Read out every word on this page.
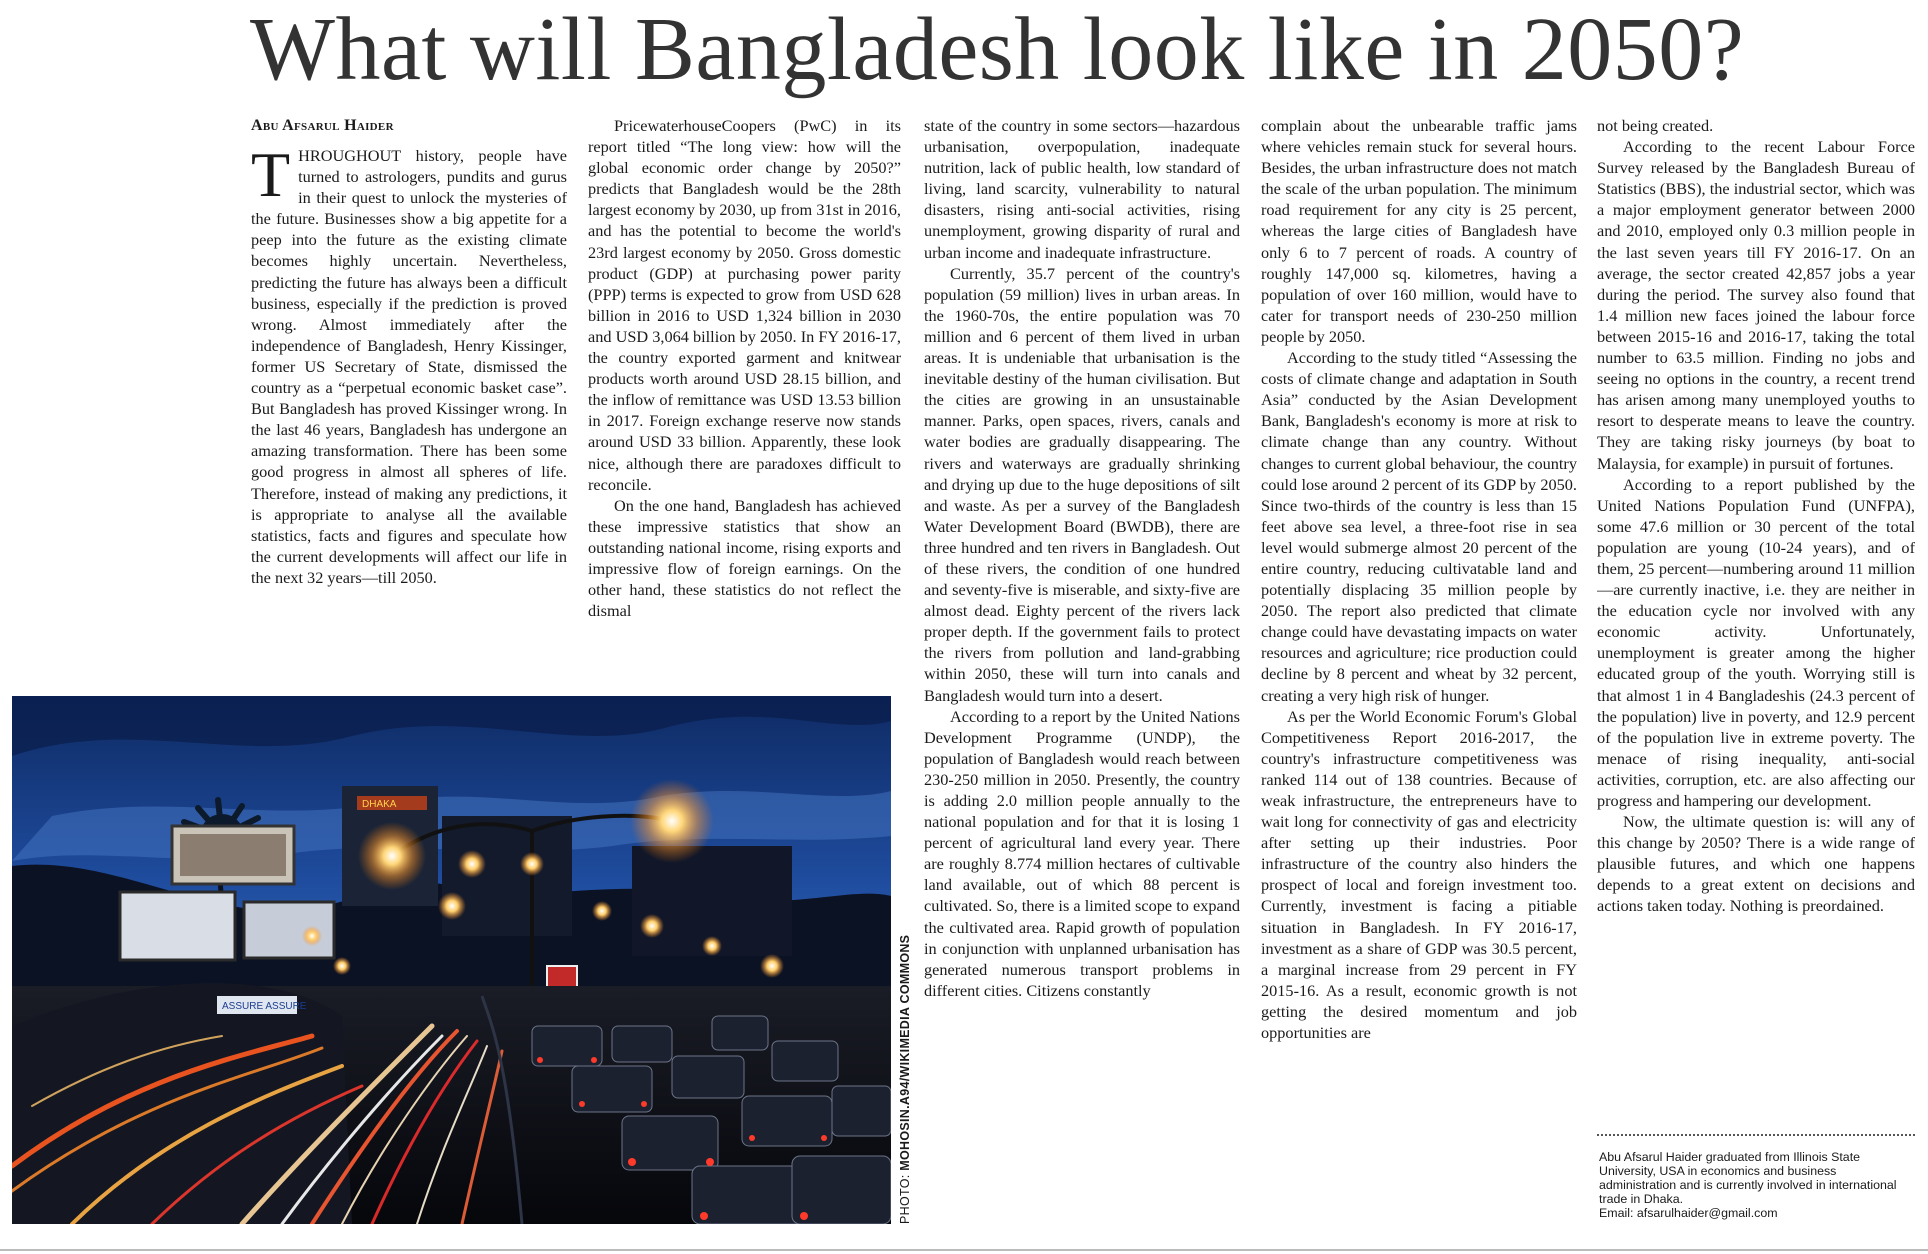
What will Bangladesh look like in 2050?
Abu Afsarul Haider

THROUGHOUT history, people have turned to astrologers, pundits and gurus in their quest to unlock the mysteries of the future. Businesses show a big appetite for a peep into the future as the existing climate becomes highly uncertain. Nevertheless, predicting the future has always been a difficult business, especially if the prediction is proved wrong. Almost immediately after the independence of Bangladesh, Henry Kissinger, former US Secretary of State, dismissed the country as a “perpetual economic basket case”. But Bangladesh has proved Kissinger wrong. In the last 46 years, Bangladesh has undergone an amazing transformation. There has been some good progress in almost all spheres of life. Therefore, instead of making any predictions, it is appropriate to analyse all the available statistics, facts and figures and speculate how the current developments will affect our life in the next 32 years—till 2050.

PricewaterhouseCoopers (PwC) in its report titled “The long view: how will the global economic order change by 2050?” predicts that Bangladesh would be the 28th largest economy by 2030, up from 31st in 2016, and has the potential to become the world's 23rd largest economy by 2050. Gross domestic product (GDP) at purchasing power parity (PPP) terms is expected to grow from USD 628 billion in 2016 to USD 1,324 billion in 2030 and USD 3,064 billion by 2050. In FY 2016-17, the country exported garment and knitwear products worth around USD 28.15 billion, and the inflow of remittance was USD 13.53 billion in 2017. Foreign exchange reserve now stands around USD 33 billion. Apparently, these look nice, although there are paradoxes difficult to reconcile.

On the one hand, Bangladesh has achieved these impressive statistics that show an outstanding national income, rising exports and impressive flow of foreign earnings. On the other hand, these statistics do not reflect the dismal

state of the country in some sectors—hazardous urbanisation, overpopulation, inadequate nutrition, lack of public health, low standard of living, land scarcity, vulnerability to natural disasters, rising anti-social activities, rising unemployment, growing disparity of rural and urban income and inadequate infrastructure.

Currently, 35.7 percent of the country's population (59 million) lives in urban areas. In the 1960-70s, the entire population was 70 million and 6 percent of them lived in urban areas. It is undeniable that urbanisation is the inevitable destiny of the human civilisation. But the cities are growing in an unsustainable manner. Parks, open spaces, rivers, canals and water bodies are gradually disappearing. The rivers and waterways are gradually shrinking and drying up due to the huge depositions of silt and waste. As per a survey of the Bangladesh Water Development Board (BWDB), there are three hundred and ten rivers in Bangladesh. Out of these rivers, the condition of one hundred and seventy-five is miserable, and sixty-five are almost dead. Eighty percent of the rivers lack proper depth. If the government fails to protect the rivers from pollution and land-grabbing within 2050, these will turn into canals and Bangladesh would turn into a desert.

According to a report by the United Nations Development Programme (UNDP), the population of Bangladesh would reach between 230-250 million in 2050. Presently, the country is adding 2.0 million people annually to the national population and for that it is losing 1 percent of agricultural land every year. There are roughly 8.774 million hectares of cultivable land available, out of which 88 percent is cultivated. So, there is a limited scope to expand the cultivated area. Rapid growth of population in conjunction with unplanned urbanisation has generated numerous transport problems in different cities. Citizens constantly

complain about the unbearable traffic jams where vehicles remain stuck for several hours. Besides, the urban infrastructure does not match the scale of the urban population. The minimum road requirement for any city is 25 percent, whereas the large cities of Bangladesh have only 6 to 7 percent of roads. A country of roughly 147,000 sq. kilometres, having a population of over 160 million, would have to cater for transport needs of 230-250 million people by 2050.

According to the study titled “Assessing the costs of climate change and adaptation in South Asia” conducted by the Asian Development Bank, Bangladesh's economy is more at risk to climate change than any country. Without changes to current global behaviour, the country could lose around 2 percent of its GDP by 2050. Since two-thirds of the country is less than 15 feet above sea level, a three-foot rise in sea level would submerge almost 20 percent of the entire country, reducing cultivatable land and potentially displacing 35 million people by 2050. The report also predicted that climate change could have devastating impacts on water resources and agriculture; rice production could decline by 8 percent and wheat by 32 percent, creating a very high risk of hunger.

As per the World Economic Forum's Global Competitiveness Report 2016-2017, the country's infrastructure competitiveness was ranked 114 out of 138 countries. Because of weak infrastructure, the entrepreneurs have to wait long for connectivity of gas and electricity after setting up their industries. Poor infrastructure of the country also hinders the prospect of local and foreign investment too. Currently, investment is facing a pitiable situation in Bangladesh. In FY 2016-17, investment as a share of GDP was 30.5 percent, a marginal increase from 29 percent in FY 2015-16. As a result, economic growth is not getting the desired momentum and job opportunities are

not being created.

According to the recent Labour Force Survey released by the Bangladesh Bureau of Statistics (BBS), the industrial sector, which was a major employment generator between 2000 and 2010, employed only 0.3 million people in the last seven years till FY 2016-17. On an average, the sector created 42,857 jobs a year during the period. The survey also found that 1.4 million new faces joined the labour force between 2015-16 and 2016-17, taking the total number to 63.5 million. Finding no jobs and seeing no options in the country, a recent trend has arisen among many unemployed youths to resort to desperate means to leave the country. They are taking risky journeys (by boat to Malaysia, for example) in pursuit of fortunes.

According to a report published by the United Nations Population Fund (UNFPA), some 47.6 million or 30 percent of the total population are young (10-24 years), and of them, 25 percent—numbering around 11 million—are currently inactive, i.e. they are neither in the education cycle nor involved with any economic activity. Unfortunately, unemployment is greater among the higher educated group of the youth. Worrying still is that almost 1 in 4 Bangladeshis (24.3 percent of the population) live in poverty, and 12.9 percent of the population live in extreme poverty. The menace of rising inequality, anti-social activities, corruption, etc. are also affecting our progress and hampering our development.

Now, the ultimate question is: will any of this change by 2050? There is a wide range of plausible futures, and which one happens depends to a great extent on decisions and actions taken today. Nothing is preordained.

DHAKA
ASSURE ASSURE
PHOTO: MOHOSIN.A94/WIKIMEDIA COMMONS	Abu Afsarul Haider graduated from Illinois State University, USA in economics and business administration and is currently involved in international trade in Dhaka.
Email: afsarulhaider@gmail.com
